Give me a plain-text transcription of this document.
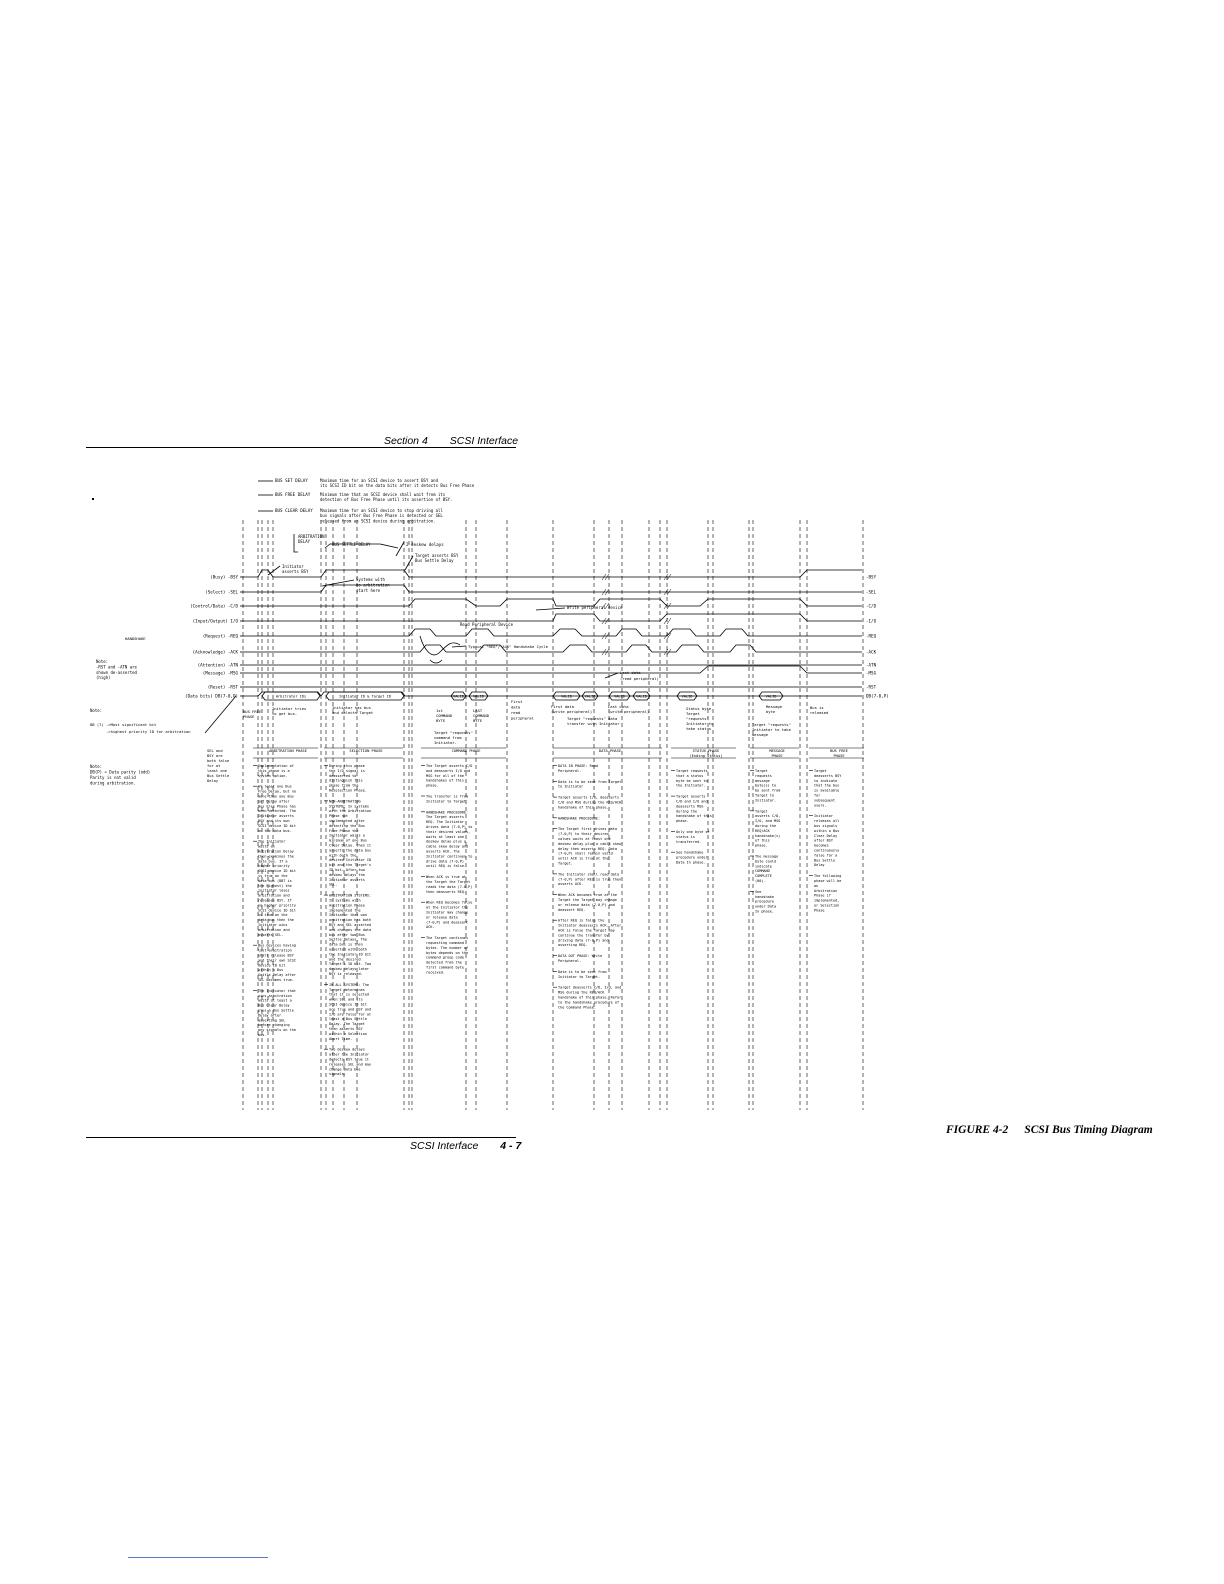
Section 4 SCSI Interface
BUS SET DELAY	Maximum time for an SCSI device to assert BSY and
its SCSI ID bit on the data bits after it detects Bus Free Phase
BUS FREE DELAY Minimum time that an SCSI device shall wait from its
detection of Bus Free Phase until its assertion of BSY.
BUS CLEAR DELAY Maximum time for an SCSI device to stop driving all
bus signals after Bus Free Phase is detected or SEL
released from an SCSI device during arbitration.
ARBITRATION
DELAY
BUS SETTLE DELAY	2 deskew delays
Target asserts BSY
Bus Settle Delay
Initiator
asserts BSY
Systems with
no arbitration
start here
(Busy) -BSY	-BSY
(Select) -SEL	-SEL
(Control/Data) -C/D	-C/D
(Input/Output) I/O	-I/O
(Request) -REQ	-REQ
(Acknowledge) -ACK	-ACK
(Attention) -ATN	-ATN
(Message) -MSG	-MSG
(Reset) -RST	-RST
(Data bits) DB(7-0,P)	DB(7-0,P)
HANDSHAKE
Note:
-RST and -ATN are
shown de-asserted
(high)
Arbitrator IDs	Initiator ID & Target ID	VALID	VALID	VALID	VALID	VALID	VALID	VALID	VALID
Write peripheral device
Read Peripheral Device
Typical "REQ"/"ACK" Handshake Cycle
Last data
(read peripheral)
Note:
DB (7) ->Most significant bit
->highest priority ID for arbitration
Note:
DB(P) = Data parity (odd)
Parity is not valid
during arbitration.
BUS FREE
PHASE
Initiator tries
to get bus.
Initiator has bus
and selects Target	1st
COMMAND
BYTE
LAST
COMMAND
BYTE
Target "requests"
command from
Initiator.
First
data
read
peripheral
First data
(write peripheral)
Last data
(write peripheral)
Target "requests" data
transfer with Initiator
Status byte
Target
"requests"
Initiator to
take status
Message
byte
Target "requests"
Initiator to take
message
Bus is
released
SEL and
BSY are
both false
for at
least one
Bus Settle
Delay
ARBITRATION PHASE
Implementation of
this phase is a
system option.
At least one Bus
Free Delay, but no
more than one Bus
Set Delay after
Bus Free Phase has
been detected. The
Initiator asserts
BSY and its own
SCSI device ID bit
on the data bus.
The Initiator
waits an
Arbitration Delay
then examines the
data bus. If a
higher priority
SCSI device ID bit
is true on the
data bus (DB7 is
the highest) the
initiator loses
arbitration and
releases BSY. If
no higher priority
SCSI device ID bit
is true on the
data bus then the
Initiator wins
arbitration and
asserts SEL.
Bus devices having
lost arbitration
shall release BSY
and their own SCSI
device ID bit
within a Bus
Settle Delay after
SEL becomes true.
The Initiator that
wins arbitration
waits at least a
Bus Clear Delay
plus a Bus Settle
Delay after
asserting SEL
before changing
any signals on the
bus.
SELECTION PHASE
During this phase
the I/O signal is
deasserted to
distinguish this
phase from the
Reselection Phase.
NON-ARBITRATING
SYSTEMS: In systems
with the Arbitration
Phase not
implemented after
detecting the Bus
Free Phase the
Initiator waits a
minimum of one Bus
Clear Delay. Then it
asserts the data bus
with both the
desired Initiator ID
bit and the Target's
ID bit. After two
deskew delays the
Initiator asserts
SEL.
ARBITRATION SYSTEMS:
In systems with
Arbitration Phase
implemented the
Initiator that won
arbitration has both
BSY and SEL asserted
and changes the data
bus after two Bus
Settle Delays. The
data bus is then
asserted with both
the Initiator ID bit
and the desired
Target's ID bit. Two
deskew delays later
BSY is released.
IN ALL SYSTEMS: The
Target determines
that it is selected
when SEL and its
SCSI device ID bit
are true and BSY and
I/O are false for at
least a Bus Settle
Delay. The Target
then asserts BSY
within a Selection
Abort Time.
Two deskew delays
after the Initiator
detects BSY true it
releases SEL and may
change data bus
signals.
COMMAND PHASE
The Target asserts C/D
and deasserts I/O and
MSG for all of the
handshakes of this
phase.
The transfer is from
Initiator to Target
HANDSHAKE PROCEDURE:
The Target asserts
REQ. The Initiator
drives data (7-0,P) to
their desired values,
waits at least one
deskew delay plus a
cable skew delay and
asserts ACK. The
Initiator continues to
drive data (7-0,P)
until REQ is false.
When ACK is true at
the Target the Target
reads the data (7-0,P)
then deasserts REQ.
When REQ becomes false
at the Initiator the
Initiator may change
or release data
(7-0,P) and deassert
ACK.
The Target continues
requesting command
bytes. The number of
bytes depends on the
command group code
detected from the
first command byte
received.
DATA PHASE
DATA IN PHASE: Read
Peripheral.
Data is to be sent from Target
to Initiator
Target asserts I/O, deasserts
C/D and MSG during the REQ/ACK
handshake of this phase.
HANDSHAKE PROCEDURE:
The Target first drives data
(7-0,P) to their desired
values waits at least one
deskew delay plus a cable skew
delay then asserts REQ. Data
(7-0,P) shall remain valid
until ACK is true at the
Target.
The Initiator shall read data
(7-0,P) after REQ is true then
asserts ACK.
When ACK becomes true at the
Target the Target may change
or release data (7-0,P) and
deassert REQ.
After REQ is false the
Initiator deasserts ACK. After
ACK is false the Target may
continue the transfer by
driving data (7-0,P) and
asserting REQ.
DATA OUT PHASE: Write
Peripheral.
Data is to be sent from
Initiator to Target.
Target deasserts C/D, I/O, and
MSG during the REQ/ACK
handshake of this phase. Refer
to the handshake procedure of
the Command Phase.
STATUS PHASE
(Ending Status)
Target requests
that a status
byte be sent to
the Initiator.
Target asserts
C/D and I/O and
deasserts MSG
during the
handshake of this
phase.
Only one byte of
status is
transferred.
See handshake
procedure under
Data In phase.
MESSAGE
PHASE
Target
requests
message
byte(s) to
be sent from
Target to
Initiator.
Target
asserts C/D,
I/O, and MSG
during the
REQ/ACK
handshake(s)
of this
phase.
The message
byte could
indicate
COMMAND
COMPLETE
(00).
See
handshake
procedure
under Data
In phase.
BUS FREE
PHASE
Target
deasserts BSY
to indicate
that the bus
is available
for
subsequent
users.
Initiator
releases all
bus signals
within a Bus
Clear Delay
after BSY
becomes
continuously
false for a
Bus Settle
Delay
The following
phase will be
an
Arbitration
Phase if
implemented,
or Selection
Phase
SCSI Interface 4 - 7
FIGURE 4-2 SCSI Bus Timing Diagram
